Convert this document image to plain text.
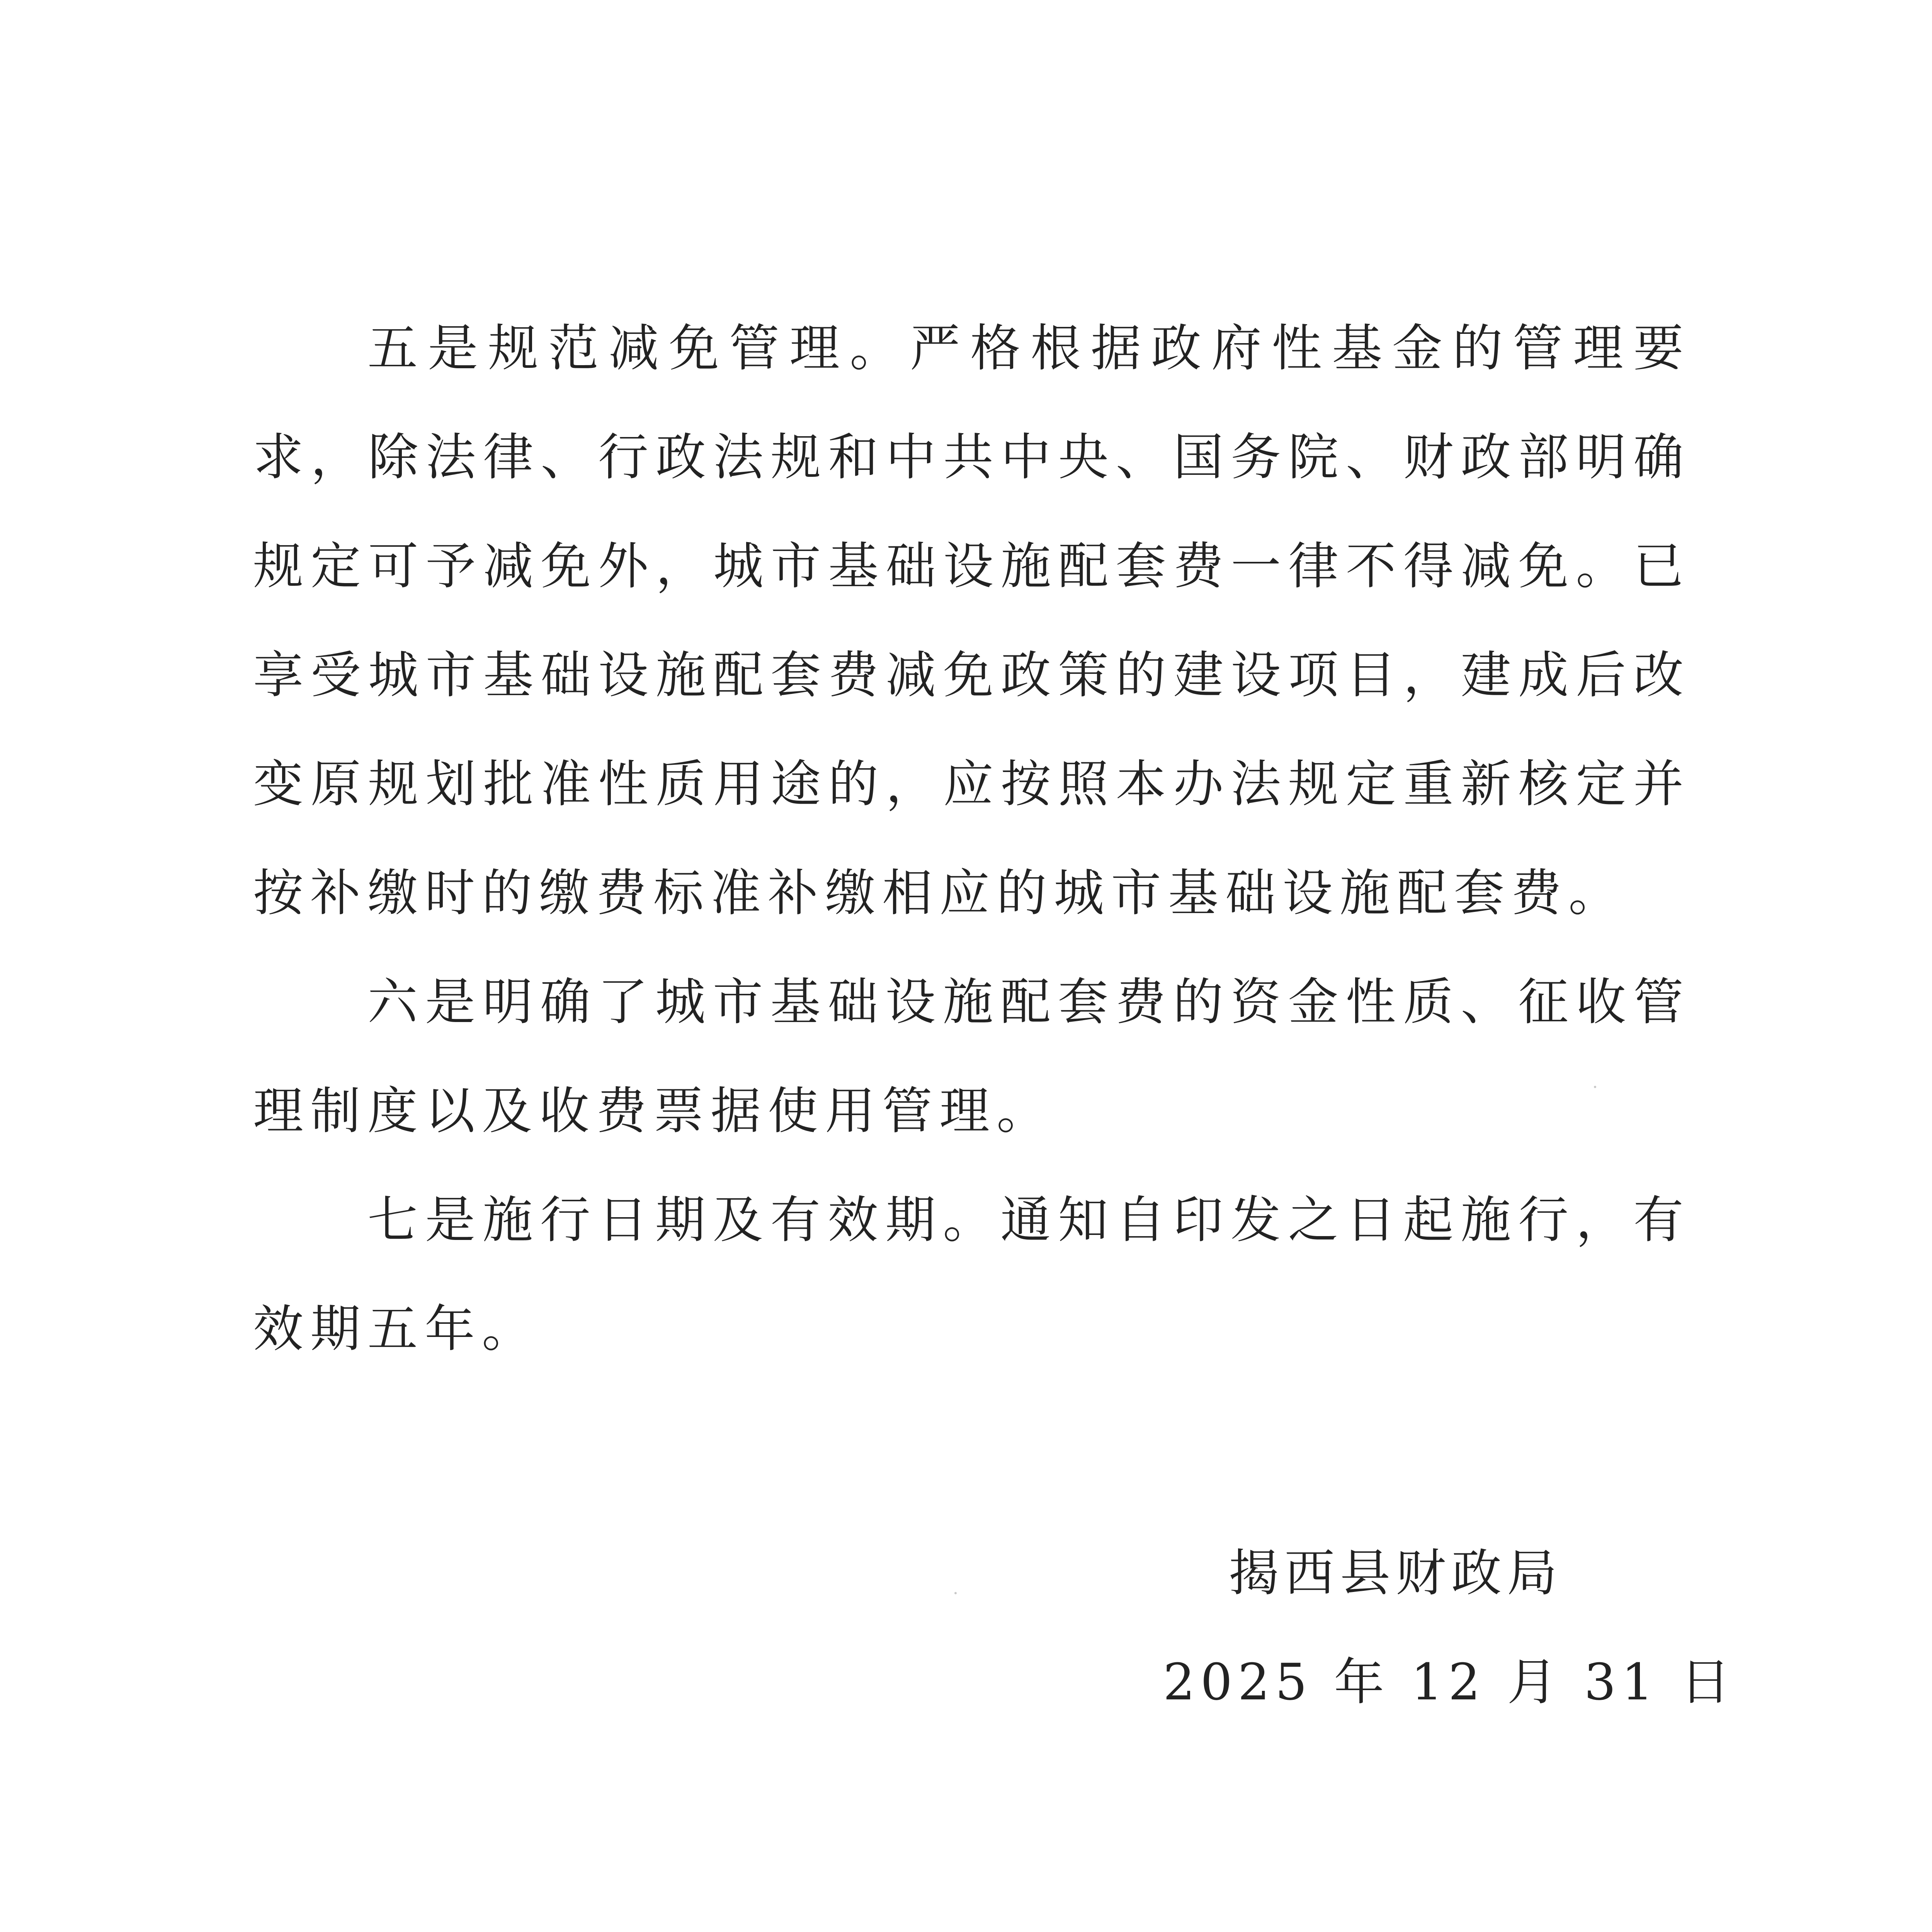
五是规范减免管理。严格根据政府性基金的管理要求，除法律、行政法规和中共中央、国务院、财政部明确规定可予减免外，城市基础设施配套费一律不得减免。已享受城市基础设施配套费减免政策的建设项目，建成后改变原规划批准性质用途的，应按照本办法规定重新核定并按补缴时的缴费标准补缴相应的城市基础设施配套费。

六是明确了城市基础设施配套费的资金性质、征收管理制度以及收费票据使用管理。

七是施行日期及有效期。通知自印发之日起施行，有效期五年。

揭西县财政局
2025 年 12 月 31 日
